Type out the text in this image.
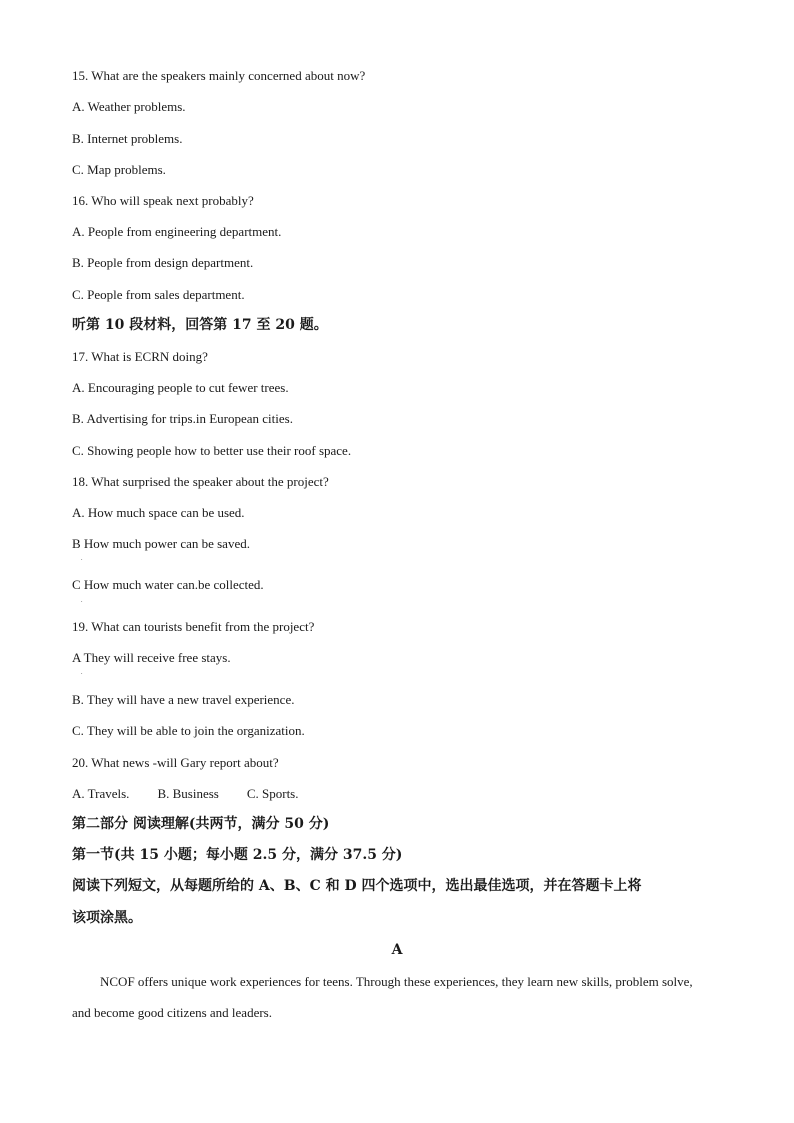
15. What are the speakers mainly concerned about now?
A. Weather problems.
B. Internet problems.
C. Map problems.
16. Who will speak next probably?
A. People from engineering department.
B. People from design department.
C. People from sales department.
听第 10 段材料，回答第 17 至 20 题。
17. What is ECRN doing?
A. Encouraging people to cut fewer trees.
B. Advertising for trips.in European cities.
C. Showing people how to better use their roof space.
18. What surprised the speaker about the project?
A. How much space can be used.
B How much power can be saved.
.
C How much water can.be collected.
.
19. What can tourists benefit from the project?
A They will receive free stays.
.
B. They will have a new travel experience.
C. They will be able to join the organization.
20. What news -will Gary report about?
A. Travels. B. Business C. Sports.
第二部分 阅读理解(共两节，满分 50 分)
第一节(共 15 小题；每小题 2.5 分，满分 37.5 分)
阅读下列短文，从每题所给的 A、B、C 和 D 四个选项中，选出最佳选项，并在答题卡上将
该项涂黑。
A
NCOF offers unique work experiences for teens. Through these experiences, they learn new skills, problem solve, and become good citizens and leaders.
